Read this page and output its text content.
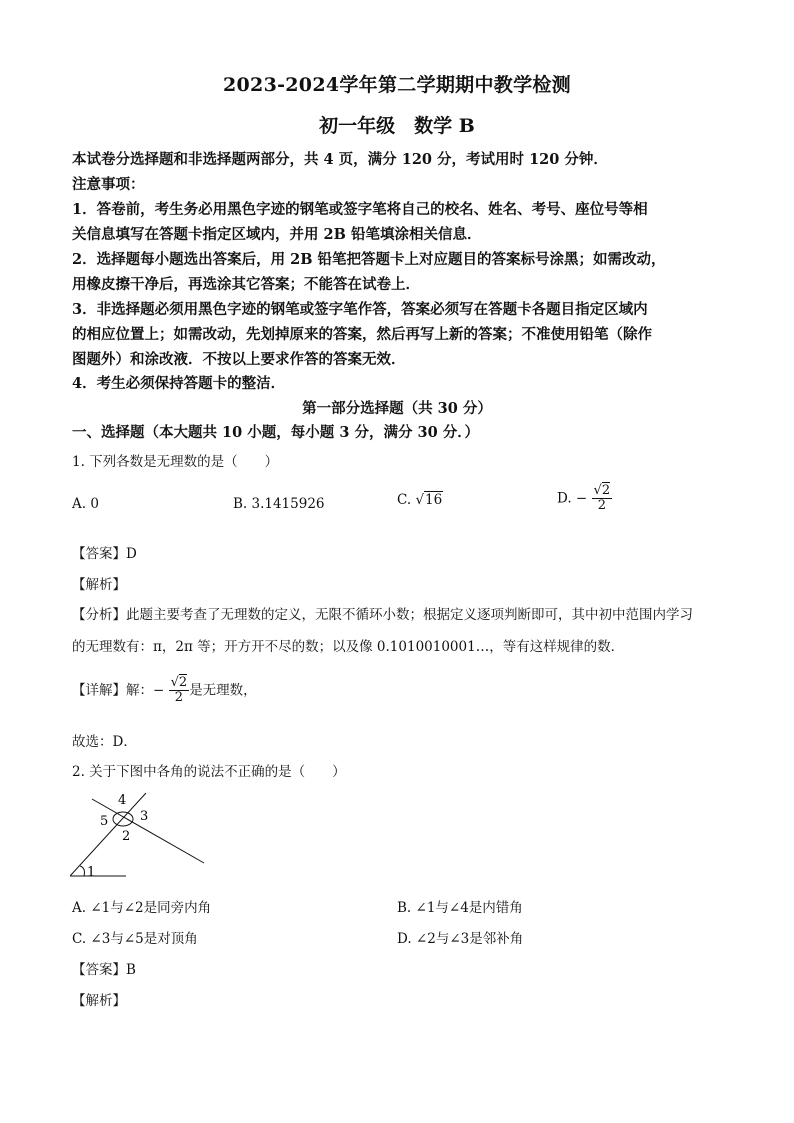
2023-2024学年第二学期期中教学检测
初一年级　数学 B
本试卷分选择题和非选择题两部分，共 4 页，满分 120 分，考试用时 120 分钟．
注意事项：
1．答卷前，考生务必用黑色字迹的钢笔或签字笔将自己的校名、姓名、考号、座位号等相
关信息填写在答题卡指定区域内，并用 2B 铅笔填涂相关信息．
2．选择题每小题选出答案后，用 2B 铅笔把答题卡上对应题目的答案标号涂黑；如需改动，
用橡皮擦干净后，再选涂其它答案；不能答在试卷上．
3．非选择题必须用黑色字迹的钢笔或签字笔作答，答案必须写在答题卡各题目指定区域内
的相应位置上；如需改动，先划掉原来的答案，然后再写上新的答案；不准使用铅笔（除作
图题外）和涂改液．不按以上要求作答的答案无效．
4．考生必须保持答题卡的整洁．
第一部分选择题（共 30 分）
一、选择题（本大题共 10 小题，每小题 3 分，满分 30 分．）
1. 下列各数是无理数的是（　　）
A. 0	B. 3.1415926	C. √16	D. − $\frac{√2}{2}$
【答案】D
【解析】
【分析】此题主要考查了无理数的定义，无限不循环小数；根据定义逐项判断即可，其中初中范围内学习
的无理数有：π，2π 等；开方开不尽的数；以及像 0.1010010001…，等有这样规律的数．
【详解】解：− $\frac{√2}{2}$ 是无理数，
故选：D．
2. 关于下图中各角的说法不正确的是（　　）
4
5 3
2
1
A. ∠1与∠2是同旁内角	B. ∠1与∠4是内错角
C. ∠3与∠5是对顶角	D. ∠2与∠3是邻补角
【答案】B
【解析】
